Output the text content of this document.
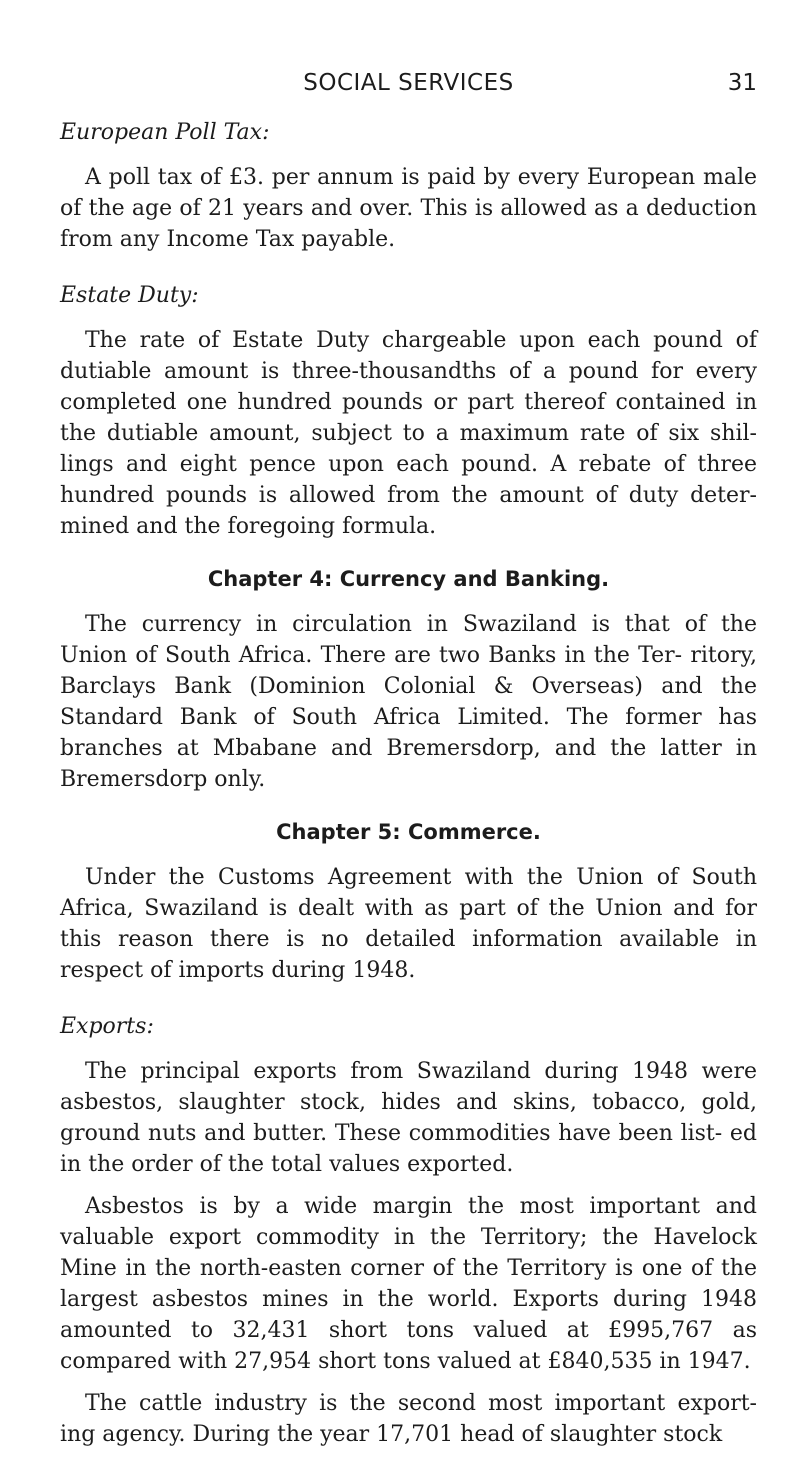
SOCIAL SERVICES	31
European Poll Tax:

A poll tax of £3. per annum is paid by every European male of the age of 21 years and over. This is allowed as a deduction from any Income Tax payable.

Estate Duty:

The rate of Estate Duty chargeable upon each pound of dutiable amount is three-thousandths of a pound for every completed one hundred pounds or part thereof contained in the dutiable amount, subject to a maximum rate of six shil- lings and eight pence upon each pound. A rebate of three hundred pounds is allowed from the amount of duty deter- mined and the foregoing formula.

Chapter 4: Currency and Banking.

The currency in circulation in Swaziland is that of the Union of South Africa. There are two Banks in the Ter- ritory, Barclays Bank (Dominion Colonial & Overseas) and the Standard Bank of South Africa Limited. The former has branches at Mbabane and Bremersdorp, and the latter in Bremersdorp only.

Chapter 5: Commerce.

Under the Customs Agreement with the Union of South Africa, Swaziland is dealt with as part of the Union and for this reason there is no detailed information available in respect of imports during 1948.

Exports:

The principal exports from Swaziland during 1948 were asbestos, slaughter stock, hides and skins, tobacco, gold, ground nuts and butter. These commodities have been list- ed in the order of the total values exported.

Asbestos is by a wide margin the most important and valuable export commodity in the Territory; the Havelock Mine in the north-easten corner of the Territory is one of the largest asbestos mines in the world. Exports during 1948 amounted to 32,431 short tons valued at £995,767 as compared with 27,954 short tons valued at £840,535 in 1947.

The cattle industry is the second most important export- ing agency. During the year 17,701 head of slaughter stock
